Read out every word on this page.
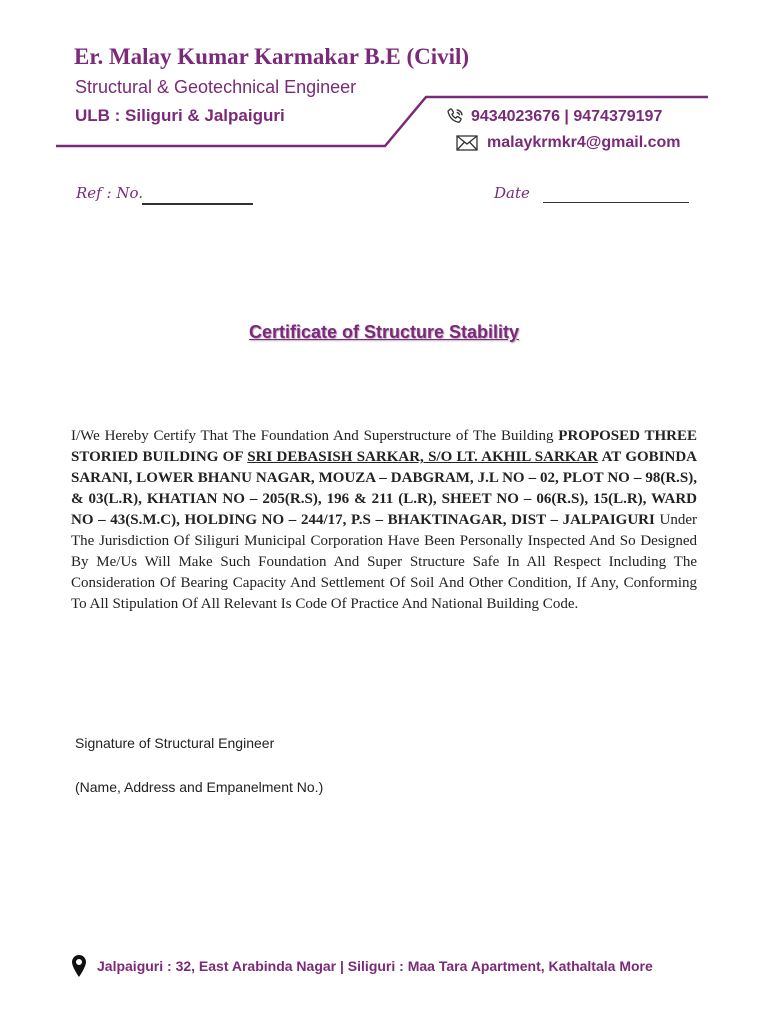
Er. Malay Kumar Karmakar B.E (Civil)
Structural & Geotechnical Engineer
ULB : Siliguri & Jalpaiguri	9434023676 | 9474379197
malaykrmkr4@gmail.com
Ref : No.	Date
Certificate of Structure Stability
I/We Hereby Certify That The Foundation And Superstructure of The Building PROPOSED THREE STORIED BUILDING OF SRI DEBASISH SARKAR, S/O LT. AKHIL SARKAR AT GOBINDA SARANI, LOWER BHANU NAGAR, MOUZA – DABGRAM, J.L NO – 02, PLOT NO – 98(R.S), & 03(L.R), KHATIAN NO – 205(R.S), 196 & 211 (L.R), SHEET NO – 06(R.S), 15(L.R), WARD NO – 43(S.M.C), HOLDING NO – 244/17, P.S – BHAKTINAGAR, DIST – JALPAIGURI Under The Jurisdiction Of Siliguri Municipal Corporation Have Been Personally Inspected And So Designed By Me/Us Will Make Such Foundation And Super Structure Safe In All Respect Including The Consideration Of Bearing Capacity And Settlement Of Soil And Other Condition, If Any, Conforming To All Stipulation Of All Relevant Is Code Of Practice And National Building Code.
Signature of Structural Engineer
(Name, Address and Empanelment No.)
Jalpaiguri : 32, East Arabinda Nagar | Siliguri : Maa Tara Apartment, Kathaltala More
